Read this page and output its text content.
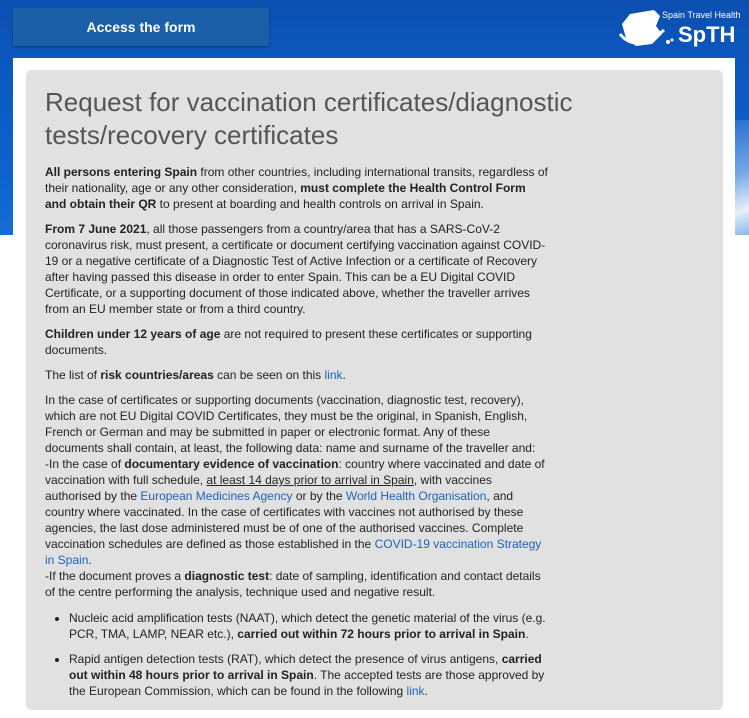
Access the form
Spain Travel Health
SpTH
Request for vaccination certificates/diagnostic tests/recovery certificates

All persons entering Spain from other countries, including international transits, regardless of their nationality, age or any other consideration, must complete the Health Control Form and obtain their QR to present at boarding and health controls on arrival in Spain.

From 7 June 2021, all those passengers from a country/area that has a SARS-CoV-2 coronavirus risk, must present, a certificate or document certifying vaccination against COVID-19 or a negative certificate of a Diagnostic Test of Active Infection or a certificate of Recovery after having passed this disease in order to enter Spain. This can be a EU Digital COVID Certificate, or a supporting document of those indicated above, whether the traveller arrives from an EU member state or from a third country.

Children under 12 years of age are not required to present these certificates or supporting documents.

The list of risk countries/areas can be seen on this link.

In the case of certificates or supporting documents (vaccination, diagnostic test, recovery), which are not EU Digital COVID Certificates, they must be the original, in Spanish, English, French or German and may be submitted in paper or electronic format. Any of these documents shall contain, at least, the following data: name and surname of the traveller and:
-In the case of documentary evidence of vaccination: country where vaccinated and date of vaccination with full schedule, at least 14 days prior to arrival in Spain, with vaccines authorised by the European Medicines Agency or by the World Health Organisation, and country where vaccinated. In the case of certificates with vaccines not authorised by these agencies, the last dose administered must be of one of the authorised vaccines. Complete vaccination schedules are defined as those established in the COVID-19 vaccination Strategy in Spain.
-If the document proves a diagnostic test: date of sampling, identification and contact details of the centre performing the analysis, technique used and negative result.

• Nucleic acid amplification tests (NAAT), which detect the genetic material of the virus (e.g. PCR, TMA, LAMP, NEAR etc.), carried out within 72 hours prior to arrival in Spain.
• Rapid antigen detection tests (RAT), which detect the presence of virus antigens, carried out within 48 hours prior to arrival in Spain. The accepted tests are those approved by the European Commission, which can be found in the following link.
